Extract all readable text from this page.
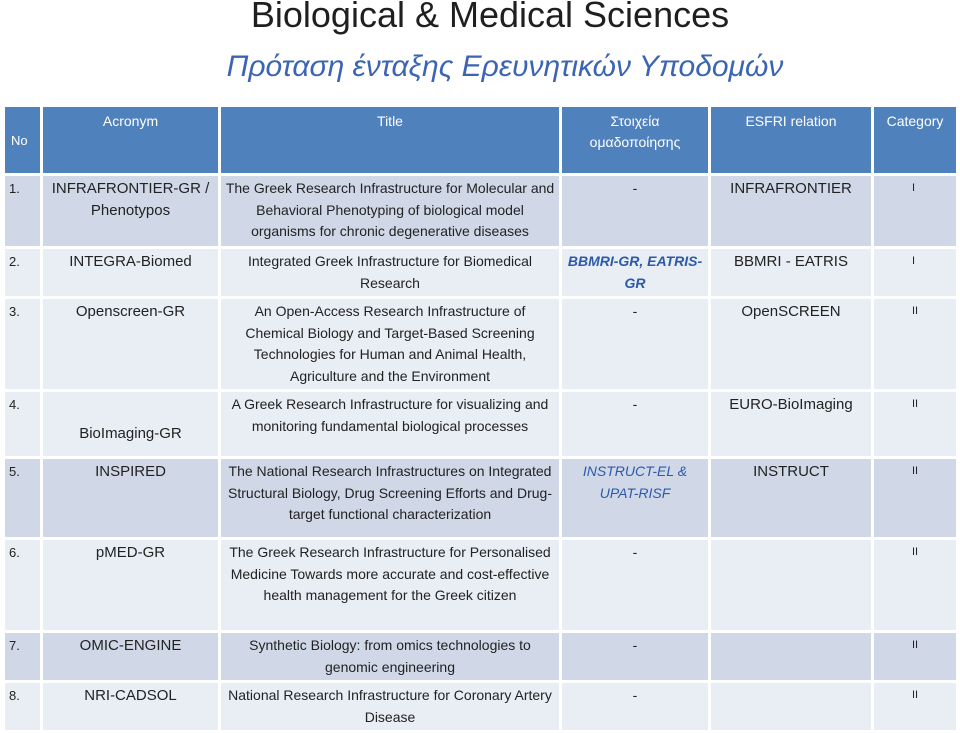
Biological & Medical Sciences
Πρόταση ένταξης Ερευνητικών Υποδομών
No	Acronym	Title	Στοιχεία ομαδοποίησης	ESFRI relation	Category
1.	INFRAFRONTIER-GR / Phenotypos	The Greek Research Infrastructure for Molecular and Behavioral Phenotyping of biological model organisms for chronic degenerative diseases	-	INFRAFRONTIER	I
2.	INTEGRA-Biomed	Integrated Greek Infrastructure for Biomedical Research	BBMRI-GR, EATRIS-GR	BBMRI - EATRIS	I
3.	Openscreen-GR	An Open-Access Research Infrastructure of Chemical Biology and Target-Based Screening Technologies for Human and Animal Health, Agriculture and the Environment	-	OpenSCREEN	II
4.	BioImaging-GR	A Greek Research Infrastructure for visualizing and monitoring fundamental biological processes	-	EURO-BioImaging	II
5.	INSPIRED	The National Research Infrastructures on Integrated Structural Biology, Drug Screening Efforts and Drug-target functional characterization	INSTRUCT-EL & UPAT-RISF	INSTRUCT	II
6.	pMED-GR	The Greek Research Infrastructure for Personalised Medicine Towards more accurate and cost-effective health management for the Greek citizen	-		II
7.	OMIC-ENGINE	Synthetic Biology: from omics technologies to genomic engineering	-		II
8.	NRI-CADSOL	National Research Infrastructure for Coronary Artery Disease	-		II
